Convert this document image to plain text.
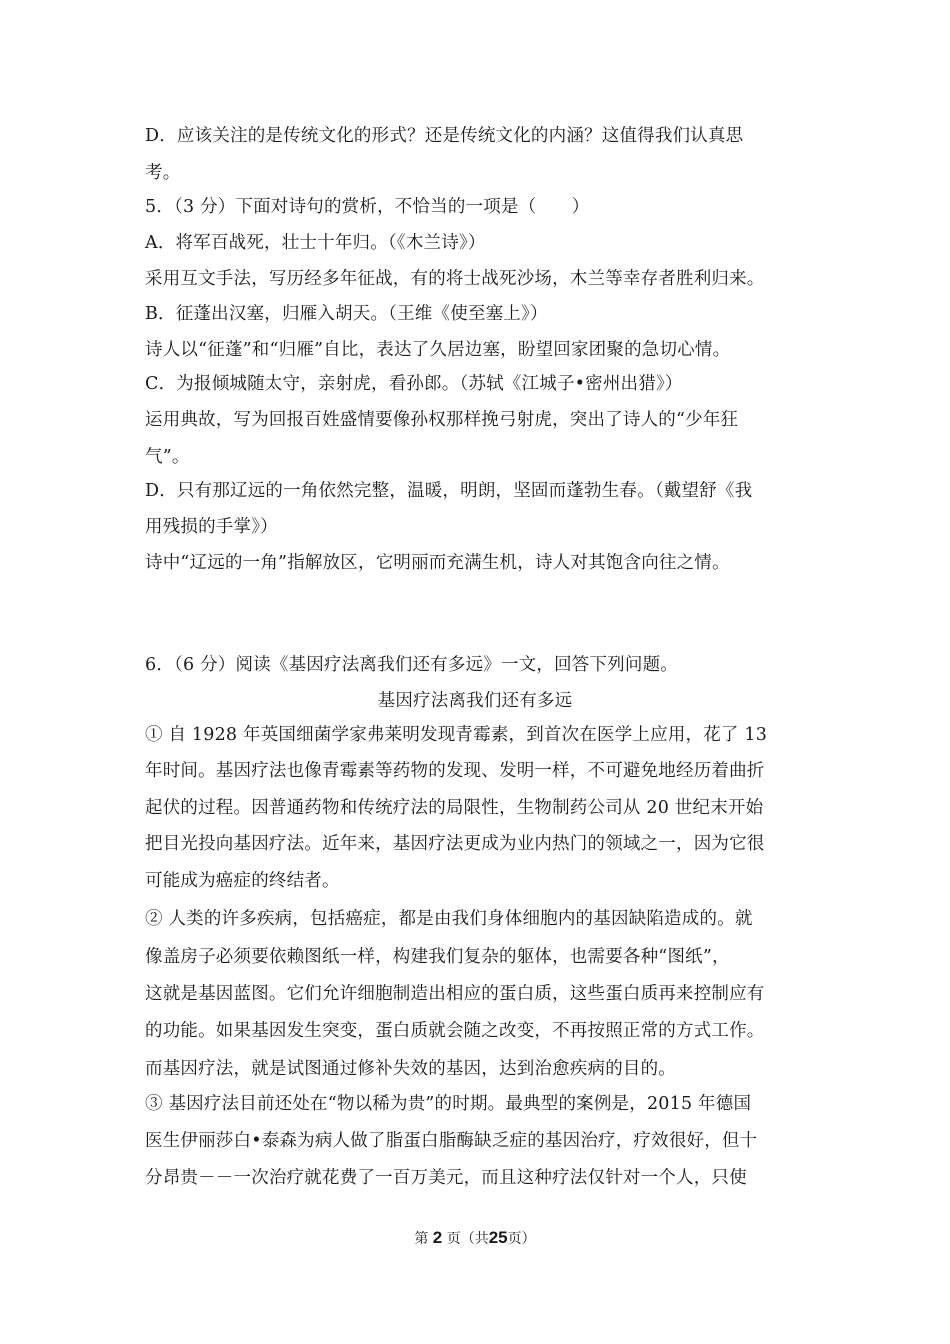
D．应该关注的是传统文化的形式？还是传统文化的内涵？这值得我们认真思
考。
5．（3 分）下面对诗句的赏析，不恰当的一项是（　　）
A．将军百战死，壮士十年归。（《木兰诗》）
采用互文手法，写历经多年征战，有的将士战死沙场，木兰等幸存者胜利归来。
B．征蓬出汉塞，归雁入胡天。（王维《使至塞上》）
诗人以“征蓬”和“归雁”自比，表达了久居边塞，盼望回家团聚的急切心情。
C．为报倾城随太守，亲射虎，看孙郎。（苏轼《江城子•密州出猎》）
运用典故，写为回报百姓盛情要像孙权那样挽弓射虎，突出了诗人的“少年狂
气”。
D．只有那辽远的一角依然完整，温暖，明朗，坚固而蓬勃生春。（戴望舒《我
用残损的手掌》）
诗中“辽远的一角”指解放区，它明丽而充满生机，诗人对其饱含向往之情。
6．（6 分）阅读《基因疗法离我们还有多远》一文，回答下列问题。
基因疗法离我们还有多远
① 自 1928 年英国细菌学家弗莱明发现青霉素，到首次在医学上应用，花了 13
年时间。基因疗法也像青霉素等药物的发现、发明一样，不可避免地经历着曲折
起伏的过程。因普通药物和传统疗法的局限性，生物制药公司从 20 世纪末开始
把目光投向基因疗法。近年来，基因疗法更成为业内热门的领域之一，因为它很
可能成为癌症的终结者。
② 人类的许多疾病，包括癌症，都是由我们身体细胞内的基因缺陷造成的。就
像盖房子必须要依赖图纸一样，构建我们复杂的躯体，也需要各种“图纸”，
这就是基因蓝图。它们允许细胞制造出相应的蛋白质，这些蛋白质再来控制应有
的功能。如果基因发生突变，蛋白质就会随之改变，不再按照正常的方式工作。
而基因疗法，就是试图通过修补失效的基因，达到治愈疾病的目的。
③ 基因疗法目前还处在“物以稀为贵”的时期。最典型的案例是，2015 年德国
医生伊丽莎白•泰森为病人做了脂蛋白脂酶缺乏症的基因治疗，疗效很好，但十
分昂贵－－一次治疗就花费了一百万美元，而且这种疗法仅针对一个人，只使
第 2 页（共25页）
